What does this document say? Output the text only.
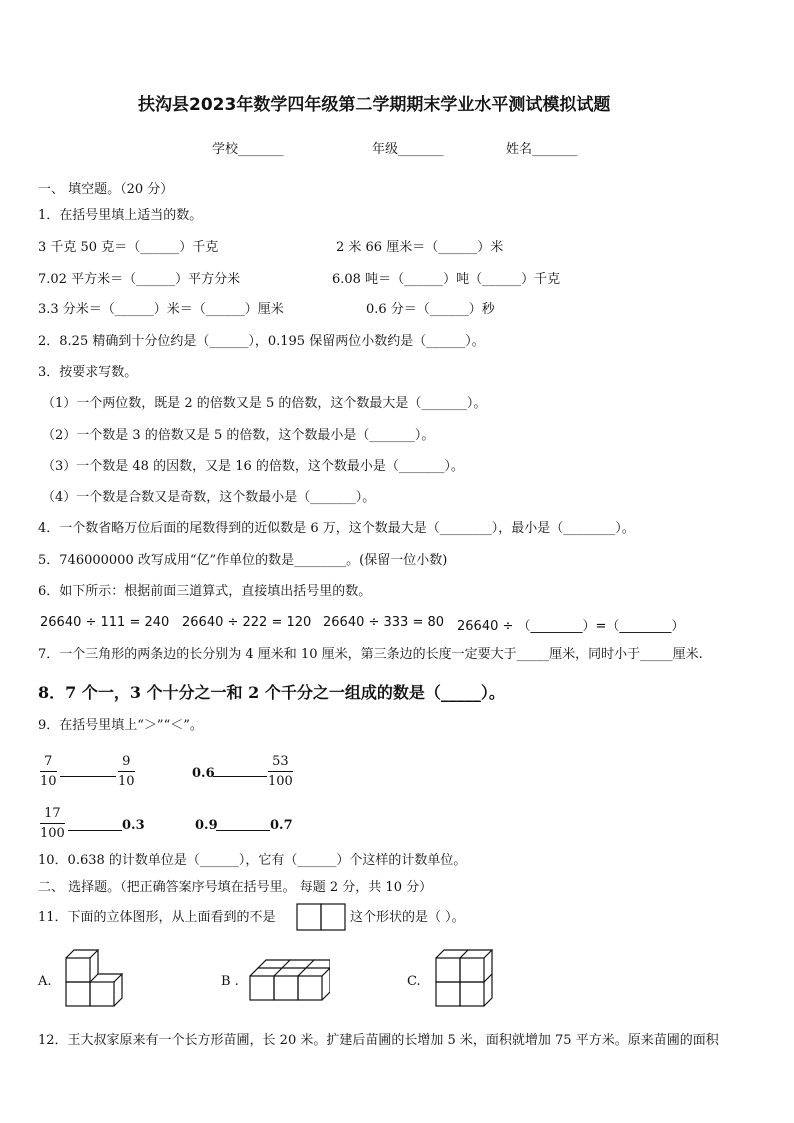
扶沟县2023年数学四年级第二学期期末学业水平测试模拟试题
学校_______	年级_______	姓名_______
一、 填空题。（20 分）
1．在括号里填上适当的数。
3 千克 50 克＝（______）千克	2 米 66 厘米＝（______）米
7.02 平方米＝（______）平方分米	6.08 吨＝（______）吨（______）千克
3.3 分米＝（______）米＝（______）厘米	0.6 分＝（______）秒
2．8.25 精确到十分位约是（______），0.195 保留两位小数约是（______）。
3．按要求写数。
（1）一个两位数，既是 2 的倍数又是 5 的倍数，这个数最大是（_______）。
（2）一个数是 3 的倍数又是 5 的倍数，这个数最小是（_______）。
（3）一个数是 48 的因数，又是 16 的倍数，这个数最小是（_______）。
（4）一个数是合数又是奇数，这个数最小是（_______）。
4．一个数省略万位后面的尾数得到的近似数是 6 万，这个数最大是（________），最小是（________）。
5．746000000 改写成用“亿”作单位的数是________。(保留一位小数)
6．如下所示：根据前面三道算式，直接填出括号里的数。
26640 ÷ 111 = 240 26640 ÷ 222 = 120 26640 ÷ 333 = 80 26640 ÷ （________）=（________）
7．一个三角形的两条边的长分别为 4 厘米和 10 厘米，第三条边的长度一定要大于_____厘米，同时小于_____厘米.
8．7 个一，3 个十分之一和 2 个千分之一组成的数是（_____）。
9．在括号里填上“＞”“＜”。
7
10
9
10
0.6
53
100
17
100
0.3	0.9	0.7
10．0.638 的计数单位是（______），它有（______）个这样的计数单位。
二、 选择题。（把正确答案序号填在括号里。 每题 2 分，共 10 分）
11．下面的立体图形，从上面看到的不是	这个形状的是（ ）。
A.	B .	C.
12．王大叔家原来有一个长方形苗圃，长 20 米。扩建后苗圃的长增加 5 米，面积就增加 75 平方米。原来苗圃的面积
